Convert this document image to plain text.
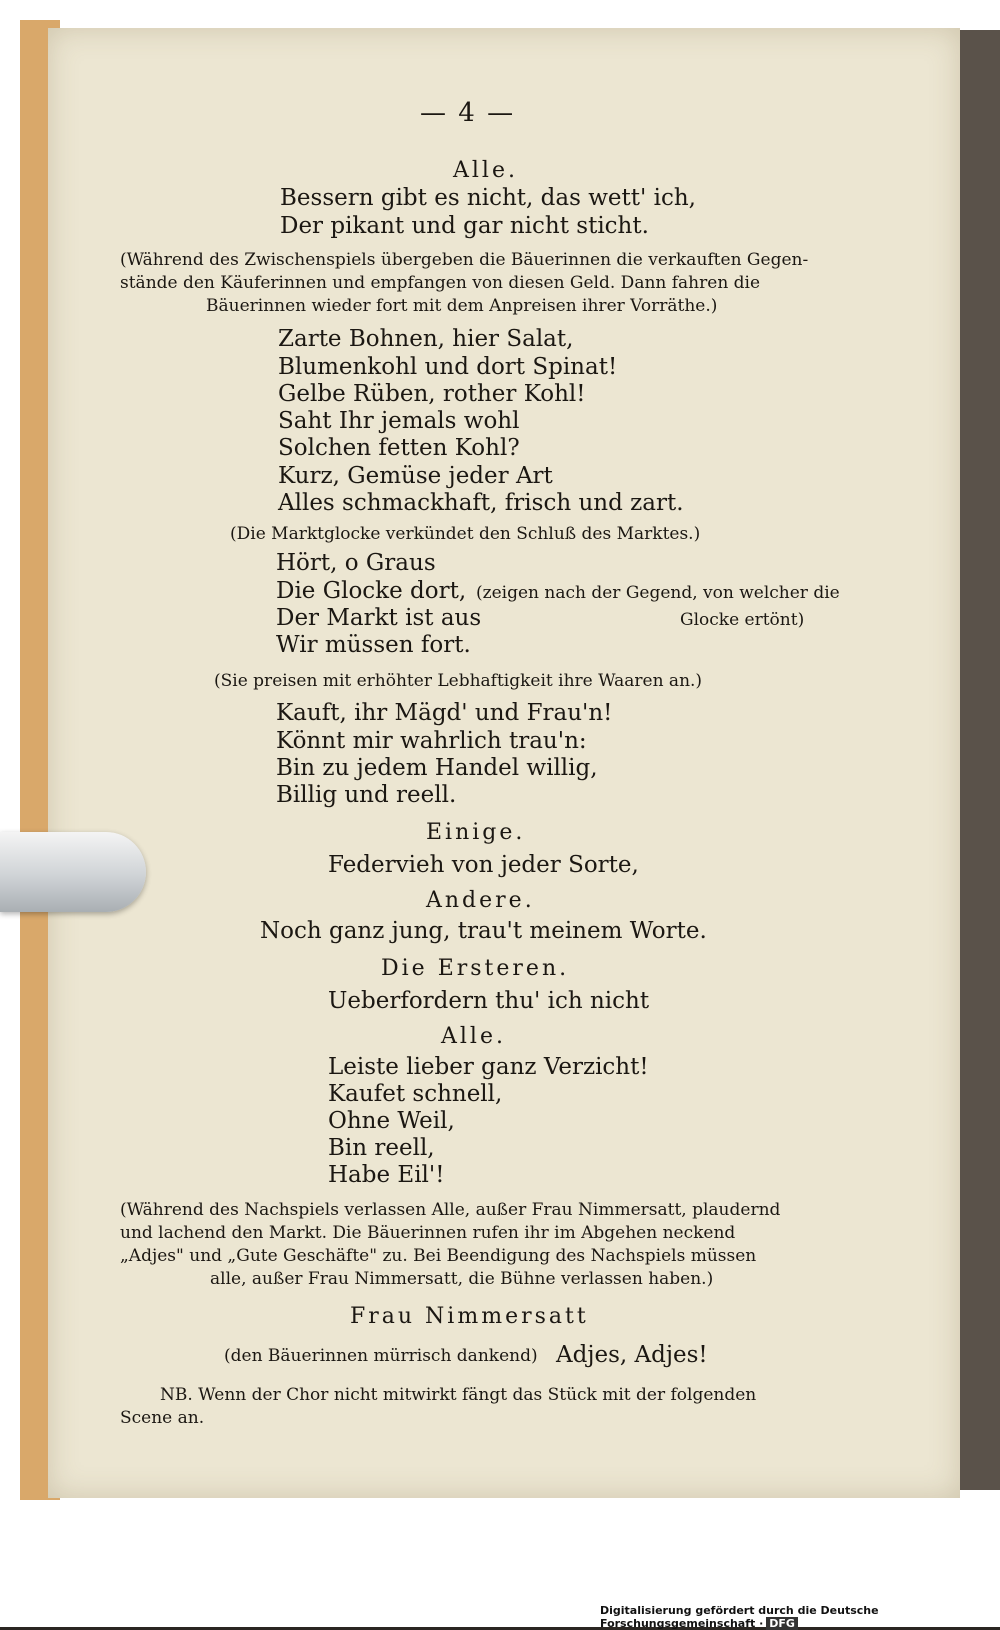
— 4 —
Alle.
Bessern gibt es nicht, das wett' ich,
Der pikant und gar nicht sticht.
(Während des Zwischenspiels übergeben die Bäuerinnen die verkauften Gegen-
stände den Käuferinnen und empfangen von diesen Geld. Dann fahren die
Bäuerinnen wieder fort mit dem Anpreisen ihrer Vorräthe.)
Zarte Bohnen, hier Salat,
Blumenkohl und dort Spinat!
Gelbe Rüben, rother Kohl!
Saht Ihr jemals wohl
Solchen fetten Kohl?
Kurz, Gemüse jeder Art
Alles schmackhaft, frisch und zart.
(Die Marktglocke verkündet den Schluß des Marktes.)
Hört, o Graus
Die Glocke dort, (zeigen nach der Gegend, von welcher die
Der Markt ist aus	Glocke ertönt)
Wir müssen fort.
(Sie preisen mit erhöhter Lebhaftigkeit ihre Waaren an.)
Kauft, ihr Mägd' und Frau'n!
Könnt mir wahrlich trau'n:
Bin zu jedem Handel willig,
Billig und reell.
Einige.
Federvieh von jeder Sorte,
Andere.
Noch ganz jung, trau't meinem Worte.
Die Ersteren.
Ueberfordern thu' ich nicht
Alle.
Leiste lieber ganz Verzicht!
Kaufet schnell,
Ohne Weil,
Bin reell,
Habe Eil'!
(Während des Nachspiels verlassen Alle, außer Frau Nimmersatt, plaudernd
und lachend den Markt. Die Bäuerinnen rufen ihr im Abgehen neckend
„Adjes" und „Gute Geschäfte" zu. Bei Beendigung des Nachspiels müssen
alle, außer Frau Nimmersatt, die Bühne verlassen haben.)
Frau Nimmersatt
(den Bäuerinnen mürrisch dankend) Adjes, Adjes!
NB. Wenn der Chor nicht mitwirkt fängt das Stück mit der folgenden
Scene an.
Digitalisierung gefördert durch die Deutsche Forschungsgemeinschaft · DFG
